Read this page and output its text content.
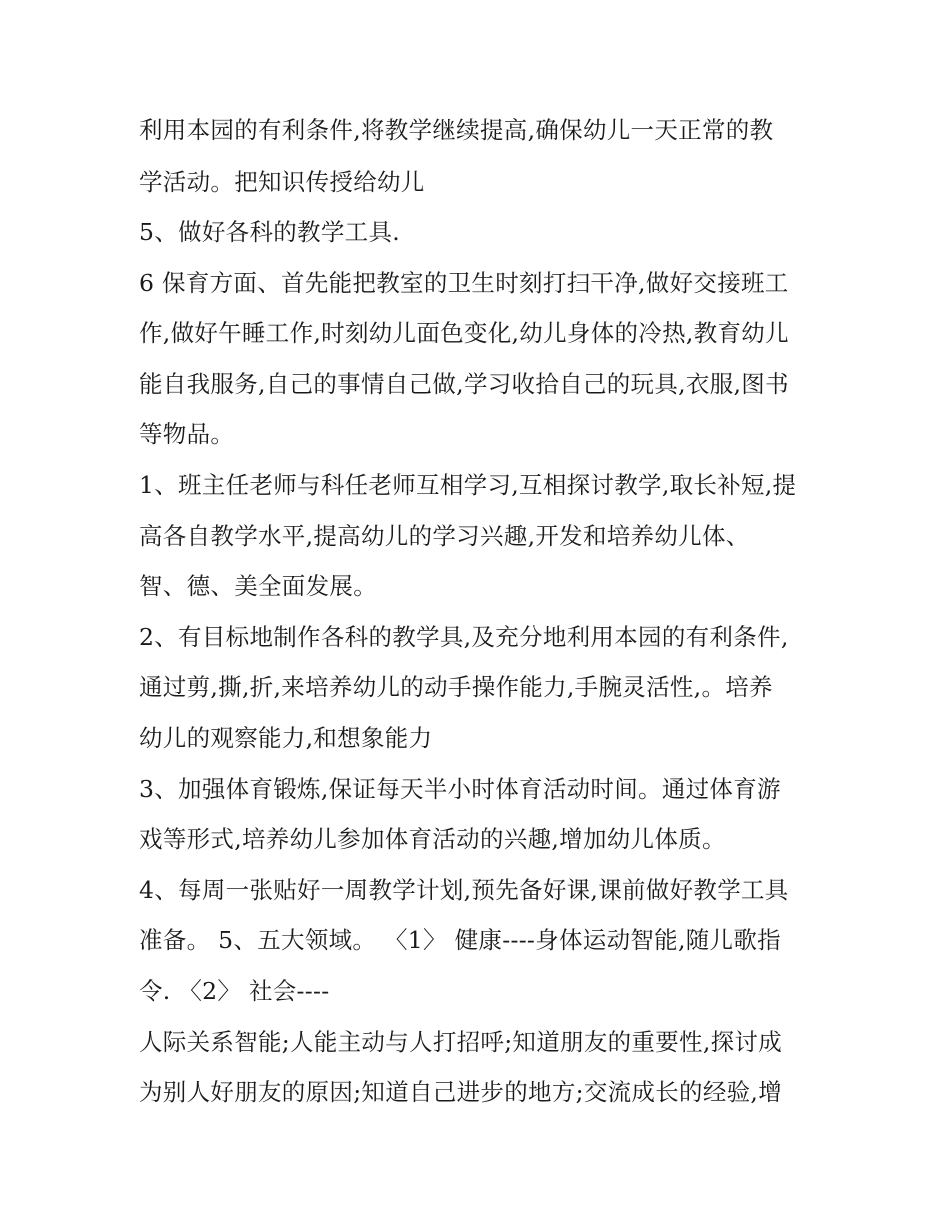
利用本园的有利条件,将教学继续提高,确保幼儿一天正常的教
学活动。把知识传授给幼儿
5、做好各科的教学工具.
6 保育方面、首先能把教室的卫生时刻打扫干净,做好交接班工
作,做好午睡工作,时刻幼儿面色变化,幼儿身体的冷热,教育幼儿
能自我服务,自己的事情自己做,学习收拾自己的玩具,衣服,图书
等物品。
1、班主任老师与科任老师互相学习,互相探讨教学,取长补短,提
高各自教学水平,提高幼儿的学习兴趣,开发和培养幼儿体、
智、德、美全面发展。
2、有目标地制作各科的教学具,及充分地利用本园的有利条件,
通过剪,撕,折,来培养幼儿的动手操作能力,手腕灵活性,。培养
幼儿的观察能力,和想象能力
3、加强体育锻炼,保证每天半小时体育活动时间。通过体育游
戏等形式,培养幼儿参加体育活动的兴趣,增加幼儿体质。
4、每周一张贴好一周教学计划,预先备好课,课前做好教学工具
准备。 5、五大领域。 〈1〉 健康----身体运动智能,随儿歌指
令. 〈2〉 社会----
人际关系智能;人能主动与人打招呼;知道朋友的重要性,探讨成
为别人好朋友的原因;知道自己进步的地方;交流成长的经验,增
